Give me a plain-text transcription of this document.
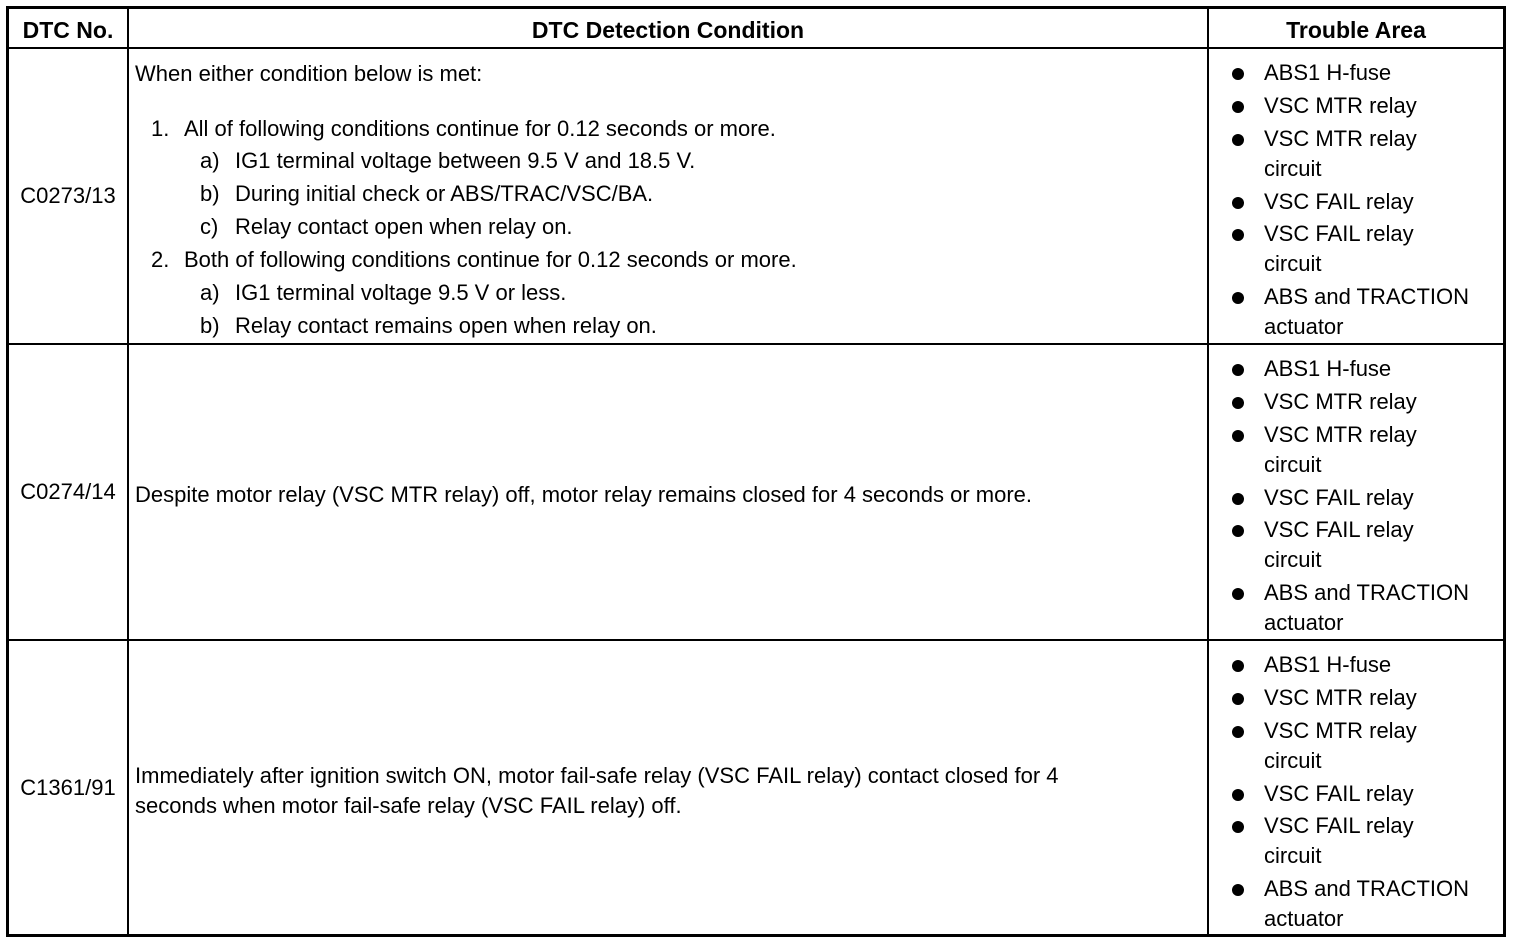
DTC No.	DTC Detection Condition	Trouble Area
C0273/13
When either condition below is met:
1. All of following conditions continue for 0.12 seconds or more.
a) IG1 terminal voltage between 9.5 V and 18.5 V.
b) During initial check or ABS/TRAC/VSC/BA.
c) Relay contact open when relay on.
2. Both of following conditions continue for 0.12 seconds or more.
a) IG1 terminal voltage 9.5 V or less.
b) Relay contact remains open when relay on.
ABS1 H-fuse
VSC MTR relay
VSC MTR relay
circuit
VSC FAIL relay
VSC FAIL relay
circuit
ABS and TRACTION
actuator
C0274/14 Despite motor relay (VSC MTR relay) off, motor relay remains closed for 4 seconds or more.
ABS1 H-fuse
VSC MTR relay
VSC MTR relay
circuit
VSC FAIL relay
VSC FAIL relay
circuit
ABS and TRACTION
actuator
C1361/91 Immediately after ignition switch ON, motor fail-safe relay (VSC FAIL relay) contact closed for 4
seconds when motor fail-safe relay (VSC FAIL relay) off.
ABS1 H-fuse
VSC MTR relay
VSC MTR relay
circuit
VSC FAIL relay
VSC FAIL relay
circuit
ABS and TRACTION
actuator
